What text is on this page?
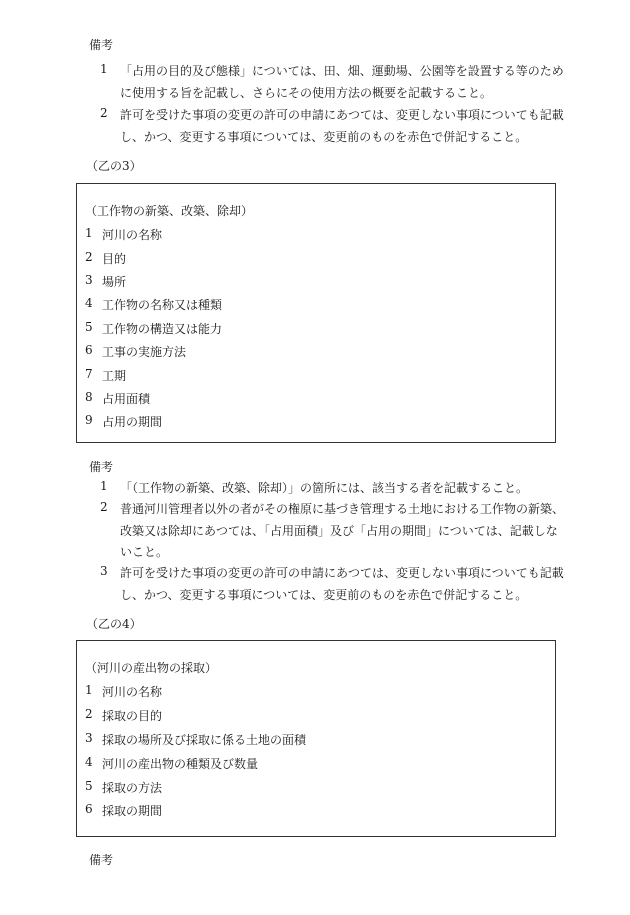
備考
1 「占用の目的及び態様」については、田、畑、運動場、公園等を設置する等のため
に使用する旨を記載し、さらにその使用方法の概要を記載すること。
2 許可を受けた事項の変更の許可の申請にあつては、変更しない事項についても記載
し、かつ、変更する事項については、変更前のものを赤色で併記すること。
（乙の3）
（工作物の新築、改築、除却）
1 河川の名称
2 目的
3 場所
4 工作物の名称又は種類
5 工作物の構造又は能力
6 工事の実施方法
7 工期
8 占用面積
9 占用の期間
備考
1 「（工作物の新築、改築、除却）」の箇所には、該当する者を記載すること。
2 普通河川管理者以外の者がその権原に基づき管理する土地における工作物の新築、
改築又は除却にあつては、「占用面積」及び「占用の期間」については、記載しな
いこと。
3 許可を受けた事項の変更の許可の申請にあつては、変更しない事項についても記載
し、かつ、変更する事項については、変更前のものを赤色で併記すること。
（乙の4）
（河川の産出物の採取）
1 河川の名称
2 採取の目的
3 採取の場所及び採取に係る土地の面積
4 河川の産出物の種類及び数量
5 採取の方法
6 採取の期間
備考
